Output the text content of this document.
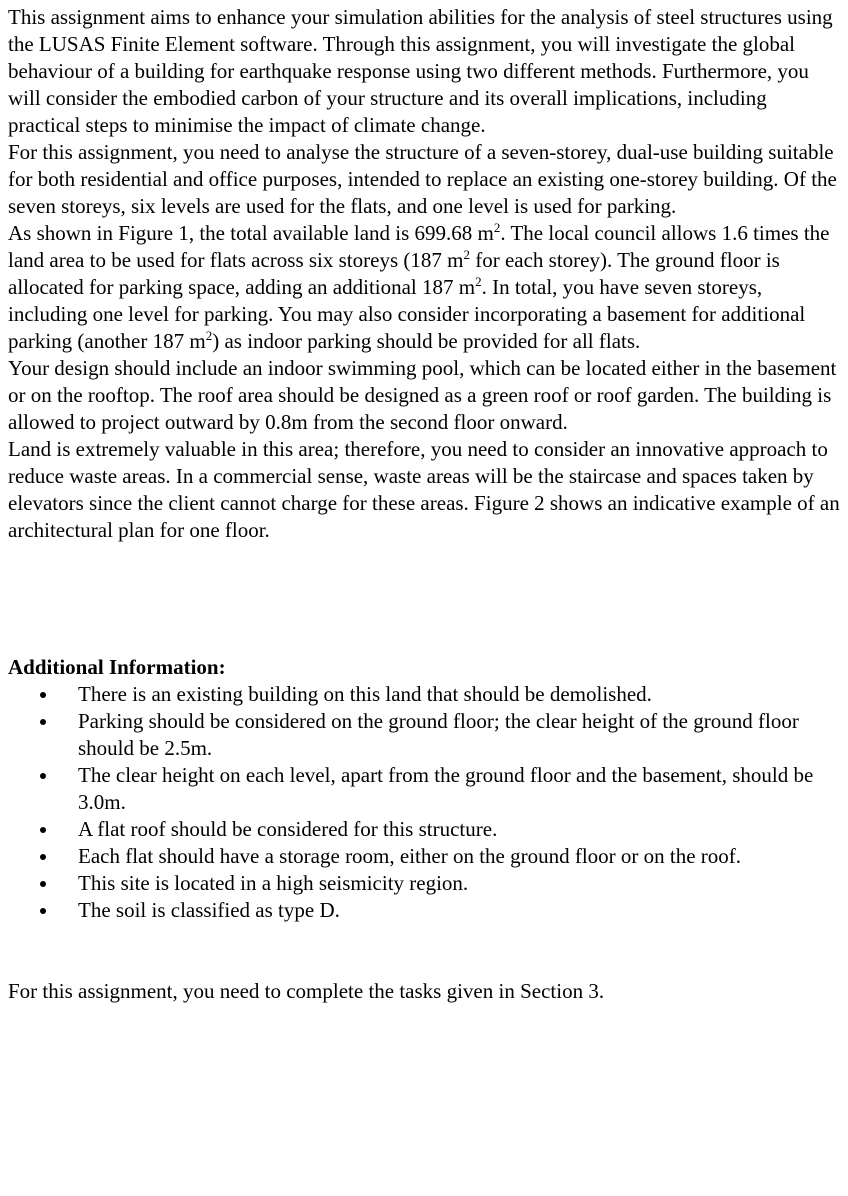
This assignment aims to enhance your simulation abilities for the analysis of steel structures using the LUSAS Finite Element software. Through this assignment, you will investigate the global behaviour of a building for earthquake response using two different methods. Furthermore, you will consider the embodied carbon of your structure and its overall implications, including practical steps to minimise the impact of climate change.

For this assignment, you need to analyse the structure of a seven-storey, dual-use building suitable for both residential and office purposes, intended to replace an existing one-storey building. Of the seven storeys, six levels are used for the flats, and one level is used for parking.

As shown in Figure 1, the total available land is 699.68 $m^2$. The local council allows 1.6 times the land area to be used for flats across six storeys (187 $m^2$ for each storey). The ground floor is allocated for parking space, adding an additional 187 $m^2$. In total, you have seven storeys, including one level for parking. You may also consider incorporating a basement for additional parking (another 187 $m^2$) as indoor parking should be provided for all flats.

Your design should include an indoor swimming pool, which can be located either in the basement or on the rooftop. The roof area should be designed as a green roof or roof garden. The building is allowed to project outward by 0.8m from the second floor onward.

Land is extremely valuable in this area; therefore, you need to consider an innovative approach to reduce waste areas. In a commercial sense, waste areas will be the staircase and spaces taken by elevators since the client cannot charge for these areas. Figure 2 shows an indicative example of an architectural plan for one floor.

Additional Information:

There is an existing building on this land that should be demolished.
Parking should be considered on the ground floor; the clear height of the ground floor should be 2.5m.
The clear height on each level, apart from the ground floor and the basement, should be 3.0m.
A flat roof should be considered for this structure.
Each flat should have a storage room, either on the ground floor or on the roof.
This site is located in a high seismicity region.
The soil is classified as type D.

For this assignment, you need to complete the tasks given in Section 3.
